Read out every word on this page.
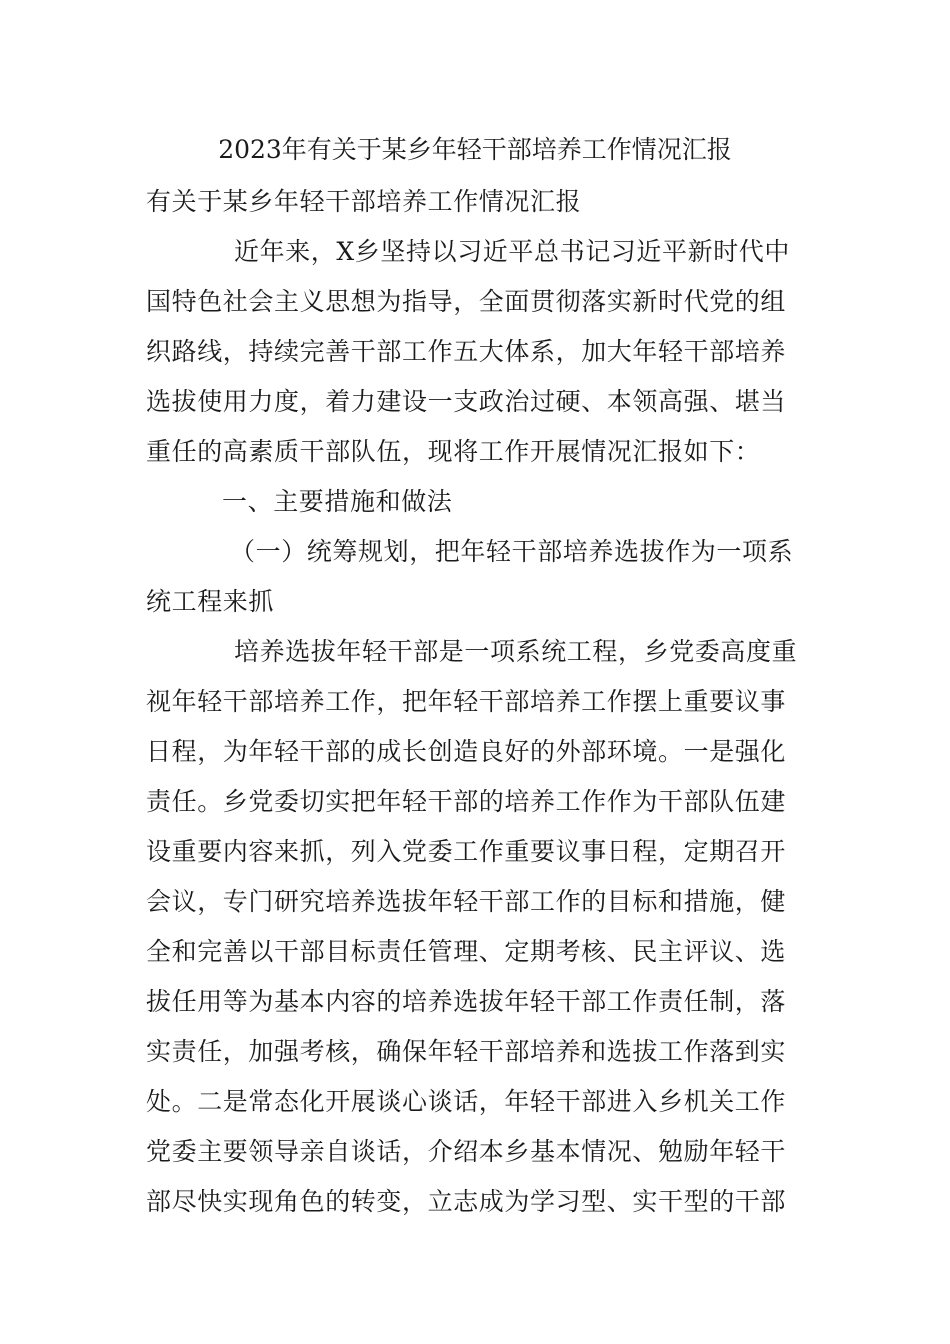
2023年有关于某乡年轻干部培养工作情况汇报
有关于某乡年轻干部培养工作情况汇报
近年来，X乡坚持以习近平总书记习近平新时代中
国特色社会主义思想为指导，全面贯彻落实新时代党的组
织路线，持续完善干部工作五大体系，加大年轻干部培养
选拔使用力度，着力建设一支政治过硬、本领高强、堪当
重任的高素质干部队伍，现将工作开展情况汇报如下：
一、主要措施和做法
（一）统筹规划，把年轻干部培养选拔作为一项系
统工程来抓
培养选拔年轻干部是一项系统工程，乡党委高度重
视年轻干部培养工作，把年轻干部培养工作摆上重要议事
日程，为年轻干部的成长创造良好的外部环境。一是强化
责任。乡党委切实把年轻干部的培养工作作为干部队伍建
设重要内容来抓，列入党委工作重要议事日程，定期召开
会议，专门研究培养选拔年轻干部工作的目标和措施，健
全和完善以干部目标责任管理、定期考核、民主评议、选
拔任用等为基本内容的培养选拔年轻干部工作责任制，落
实责任，加强考核，确保年轻干部培养和选拔工作落到实
处。二是常态化开展谈心谈话，年轻干部进入乡机关工作
党委主要领导亲自谈话，介绍本乡基本情况、勉励年轻干
部尽快实现角色的转变，立志成为学习型、实干型的干部
